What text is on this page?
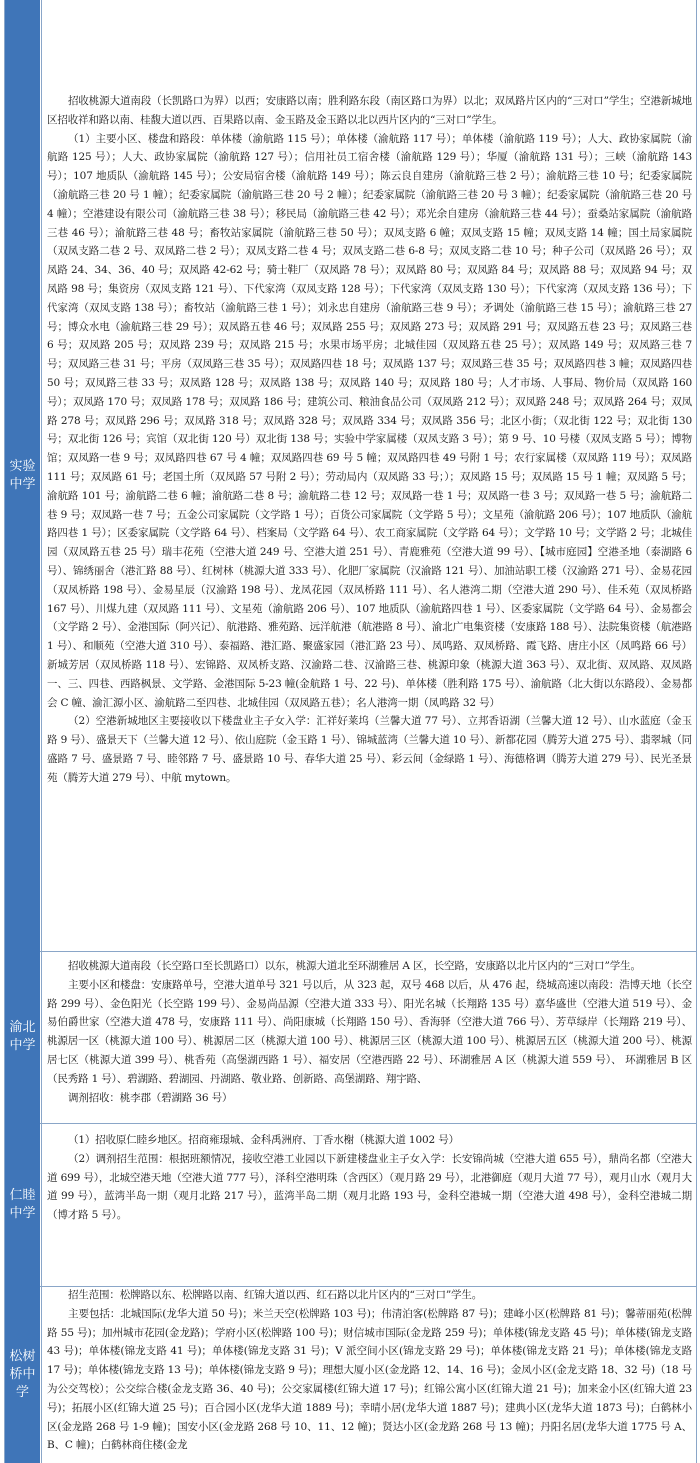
实验中学

招收桃源大道南段（长凯路口为界）以西；安康路以南；胜利路东段（南区路口为界）以北；双凤路片区内的“三对口”学生；空港新城地区招收祥和路以南、桂馥大道以西、百果路以南、金玉路及金玉路以北以西片区内的“三对口”学生。

（1）主要小区、楼盘和路段：单体楼（渝航路 115 号）；单体楼（渝航路 117 号）；单体楼（渝航路 119 号）；人大、政协家属院（渝航路 125 号）；人大、政协家属院（渝航路 127 号）；信用社员工宿舍楼（渝航路 129 号）；华厦（渝航路 131 号）；三峡（渝航路 143 号）；107 地质队（渝航路 145 号）；公安局宿舍楼（渝航路 149 号）；陈云良自建房（渝航路三巷 2 号）；渝航路三巷 10 号；纪委家属院（渝航路三巷 20 号 1 幢）；纪委家属院（渝航路三巷 20 号 2 幢）；纪委家属院（渝航路三巷 20 号 3 幢）；纪委家属院（渝航路三巷 20 号 4 幢）；空港建设有限公司（渝航路三巷 38 号）；移民局（渝航路三巷 42 号）；邓光余自建房（渝航路三巷 44 号）；蚕桑站家属院（渝航路三巷 46 号）；渝航路三巷 48 号；畜牧站家属院（渝航路三巷 50 号）；双凤支路 6 幢；双凤支路 15 幢；双凤支路 14 幢；国土局家属院（双凤支路二巷 2 号、双凤路二巷 2 号）；双凤支路二巷 4 号；双凤支路二巷 6-8 号；双凤支路二巷 10 号；种子公司（双凤路 26 号）；双凤路 24、34、36、40 号；双凤路 42-62 号；骑士鞋厂（双凤路 78 号）；双凤路 80 号；双凤路 84 号；双凤路 88 号；双凤路 94 号；双凤路 98 号；集资房（双凤支路 121 号）、下代家湾（双凤支路 128 号）；下代家湾（双凤支路 130 号）；下代家湾（双凤支路 136 号）；下代家湾（双凤支路 138 号）；畜牧站（渝航路三巷 1 号）；刘永忠自建房（渝航路三巷 9 号）；矛调处（渝航路三巷 15 号）；渝航路三巷 27 号；博众水电（渝航路三巷 29 号）；双凤路五巷 46 号；双凤路 255 号；双凤路 273 号；双凤路 291 号；双凤路五巷 23 号；双凤路三巷 6 号；双凤路 205 号；双凤路 239 号；双凤路 215 号；水果市场平房；北城佳园（双凤路五巷 25 号）；双凤路 149 号；双凤路三巷 7 号；双凤路三巷 31 号；平房（双凤路三巷 35 号）；双凤路四巷 18 号；双凤路 137 号；双凤路三巷 35 号；双凤路四巷 3 幢；双凤路四巷 50 号；双凤路三巷 33 号；双凤路 128 号；双凤路 138 号；双凤路 140 号；双凤路 180 号；人才市场、人事局、物价局（双凤路 160 号）；双凤路 170 号；双凤路 178 号；双凤路 186 号；建筑公司、粮油食品公司（双凤路 212 号）；双凤路 248 号；双凤路 264 号；双凤路 278 号；双凤路 296 号；双凤路 318 号；双凤路 328 号；双凤路 334 号；双凤路 356 号；北区小街；（双北街 122 号；双北街 130 号；双北街 126 号；宾馆（双北街 120 号）双北街 138 号；实验中学家属楼（双凤支路 3 号）；第 9 号、10 号楼（双凤支路 5 号）；博物馆；双凤路一巷 9 号；双凤路四巷 67 号 4 幢；双凤路四巷 69 号 5 幢；双凤路四巷 49 号附 1 号；农行家属楼（双凤路 119 号）；双凤路 111 号；双凤路 61 号；老国土所（双凤路 57 号附 2 号）；劳动局内（双凤路 33 号；）；双凤路 15 号；双凤路 15 号 1 幢；双凤路 5 号；渝航路 101 号；渝航路二巷 6 幢；渝航路二巷 8 号；渝航路二巷 12 号；双凤路一巷 1 号；双凤路一巷 3 号；双凤路一巷 5 号；渝航路二巷 9 号；双凤路一巷 7 号；五金公司家属院（文学路 1 号）；百货公司家属院（文学路 5 号）；文星苑（渝航路 206 号）；107 地质队（渝航路四巷 1 号）；区委家属院（文学路 64 号）、档案局（文学路 64 号）、农工商家属院（文学路 64 号）；文学路 10 号；文学路 2 号；北城佳园（双凤路五巷 25 号）瑞丰花苑（空港大道 249 号、空港大道 251 号）、青鹿雅苑（空港大道 99 号）、【城市庭园】空港圣地（泰湖路 6 号）、锦绣丽舍（港汇路 88 号）、红树林（桃源大道 333 号）、化肥厂家属院（汉渝路 121 号）、加油站职工楼（汉渝路 271 号）、金易花园（双凤桥路 198 号）、金易星辰（汉渝路 198 号）、龙凤花园（双凤桥路 111 号）、名人港湾二期（空港大道 290 号）、佳禾苑（双凤桥路 167 号）、川煤九建（双凤路 111 号）、文星苑（渝航路 206 号）、107 地质队（渝航路四巷 1 号）、区委家属院（文学路 64 号）、金易都会（文学路 2 号）、金港国际（阿兴记）、航港路、雅苑路、远洋航港（航港路 8 号）、渝北广电集资楼（安康路 188 号）、法院集资楼（航港路 1 号）、和顺苑（空港大道 310 号）、泰福路、港汇路、聚盛家园（港汇路 23 号）、凤鸣路、双凤桥路、霞飞路、唐庄小区（凤鸣路 66 号）新城芳居（双凤桥路 118 号）、宏锦路、双凤桥支路、汉渝路二巷、汉渝路三巷、桃源印象（桃源大道 363 号）、双北街、双凤路、双凤路一、三、四巷、西路枫景、文学路、金港国际 5-23 幢(金航路 1 号、22 号)、单体楼（胜利路 175 号）、渝航路（北大街以东路段）、金易都会 C 幢、渝汇源小区、渝航路二至四巷、北城佳园（双凤路五巷）；名人港湾一期（凤鸣路 32 号）

（2）空港新城地区主要接收以下楼盘业主子女入学：汇祥好莱坞（兰馨大道 77 号）、立邦香语湖（兰馨大道 12 号）、山水蓝庭（金玉路 9 号）、盛景天下（兰馨大道 12 号）、依山庭院（金玉路 1 号）、锦城蓝湾（兰馨大道 10 号）、新都花园（腾芳大道 275 号）、翡翠城（同盛路 7 号、盛景路 7 号、睦邻路 7 号、盛景路 10 号、春华大道 25 号）、彩云间（金绿路 1 号）、海德格调（腾芳大道 279 号）、民光圣景苑（腾芳大道 279 号）、中航 mytown。

渝北中学

招收桃源大道南段（长空路口至长凯路口）以东，桃源大道北至环湖雅居 A 区，长空路，安康路以北片区内的“三对口”学生。

主要小区和楼盘：安康路单号，空港大道单号 321 号以后，从 323 起，双号 468 以后，从 476 起，绕城高速以南段：浩博天地（长空路 299 号）、金色阳光（长空路 199 号）、金易尚品源（空港大道 333 号）、阳光名城（长翔路 135 号）嘉华盛世（空港大道 519 号）、金易伯爵世家（空港大道 478 号，安康路 111 号）、尚阳康城（长翔路 150 号）、香海驿（空港大道 766 号）、芳草绿岸（长翔路 219 号）、桃源居一区（桃源大道 100 号）、桃源居二区（桃源大道 100 号）、桃源居三区（桃源大道 100 号）、桃源居五区（桃源大道 200 号）、桃源居七区（桃源大道 399 号）、桃香苑（高堡湖西路 1 号）、福安居（空港西路 22 号）、环湖雅居 A 区（桃源大道 559 号）、 环湖雅居 B 区（民秀路 1 号）、碧湖路、碧湖园、丹湖路、敬业路、创新路、高堡湖路、翔宇路、

调剂招收：桃李郡（碧湖路 36 号）

仁睦中学

（1）招收原仁睦乡地区。招商雍璟城、金科禹洲府、丁香水榭（桃源大道 1002 号）

（2）调剂招生范围：根据班额情况，接收空港工业园以下新建楼盘业主子女入学：长安锦尚城（空港大道 655 号），鼎尚名都（空港大道 699 号），北城空港天地（空港大道 777 号），泽科空港明珠（含西区）（观月路 29 号），北港御庭（观月大道 77 号），观月山水（观月大道 99 号），蓝湾半岛一期（观月北路 217 号），蓝湾半岛二期（观月北路 193 号，金科空港城一期（空港大道 498 号），金科空港城二期（博才路 5 号）。

松树桥中学

招生范围：松牌路以东、松牌路以南、红锦大道以西、红石路以北片区内的“三对口”学生。

主要包括：北城国际(龙华大道 50 号)；米兰天空(松牌路 103 号)；伟清泊客(松牌路 87 号)；建峰小区(松牌路 81 号)；馨蒂丽苑(松牌路 55 号)；加州城市花园(金龙路)；学府小区(松牌路 100 号)；财信城市国际(金龙路 259 号)；单体楼(锦龙支路 45 号)；单体楼(锦龙支路 43 号)；单体楼(锦龙支路 41 号)；单体楼(锦龙支路 31 号)；V 派空间小区(锦龙支路 29 号)；单体楼(锦龙支路 21 号)；单体楼(锦龙支路 17 号)；单体楼(锦龙支路 13 号)；单体楼(锦龙支路 9 号)；理想大厦小区(金龙路 12、14、16 号)；金凤小区(金龙支路 18、32 号)（18 号为公交驾校）；公交综合楼(金龙支路 36、40 号)；公交家属楼(红锦大道 17 号)；红锦公寓小区(红锦大道 21 号)；加来金小区(红锦大道 23 号)；拓展小区(红锦大道 25 号)；百合园小区(龙华大道 1889 号)；幸晴小居(龙华大道 1887 号)；建典小区(龙华大道 1873 号)；白鹤林小区(金龙路 268 号 1-9 幢)；国安小区(金龙路 268 号 10、11、12 幢)；贤达小区(金龙路 268 号 13 幢)；丹阳名居(龙华大道 1775 号 A、B、C 幢)；白鹤林商住楼(金龙
